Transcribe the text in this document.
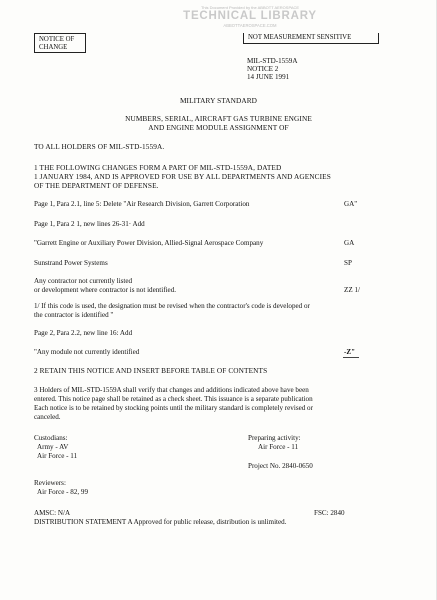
This Document Provided by the ABBOTT AEROSPACE
TECHNICAL LIBRARY
ABBOTTAEROSPACE.COM
NOTICE OF
CHANGE
NOT MEASUREMENT SENSITIVE
MIL-STD-1559A
NOTICE 2
14 JUNE 1991
MILITARY STANDARD
NUMBERS, SERIAL, AIRCRAFT GAS TURBINE ENGINE
AND ENGINE MODULE ASSIGNMENT OF
TO ALL HOLDERS OF MIL-STD-1559A.
1 THE FOLLOWING CHANGES FORM A PART OF MIL-STD-1559A, DATED
1 JANUARY 1984, AND IS APPROVED FOR USE BY ALL DEPARTMENTS AND AGENCIES
OF THE DEPARTMENT OF DEFENSE.
Page 1, Para 2.1, line 5: Delete "Air Research Division, Garrett Corporation	GA"
Page 1, Para 2 1, new lines 26-31· Add
"Garrett Engine or Auxiliary Power Division, Allied-Signal Aerospace Company	GA
Sunstrand Power Systems	SP
Any contractor not currently listed
or development where contractor is not identified.	ZZ 1/
1/ If this code is used, the designation must be revised when the contractor's code is developed or
the contractor is identified "
Page 2, Para 2.2, new line 16: Add
"Any module not currently identified	-Z"
2 RETAIN THIS NOTICE AND INSERT BEFORE TABLE OF CONTENTS
3 Holders of MIL-STD-1559A shall verify that changes and additions indicated above have been
entered. This notice page shall be retained as a check sheet. This issuance is a separate publication
Each notice is to be retained by stocking points until the military standard is completely revised or
canceled.
Custodians:
Army - AV
Air Force - 11
Preparing activity:
Air Force - 11
Project No. 2840-0650
Reviewers:
Air Force - 82, 99
AMSC: N/A	FSC: 2840
DISTRIBUTION STATEMENT A Approved for public release, distribution is unlimited.
